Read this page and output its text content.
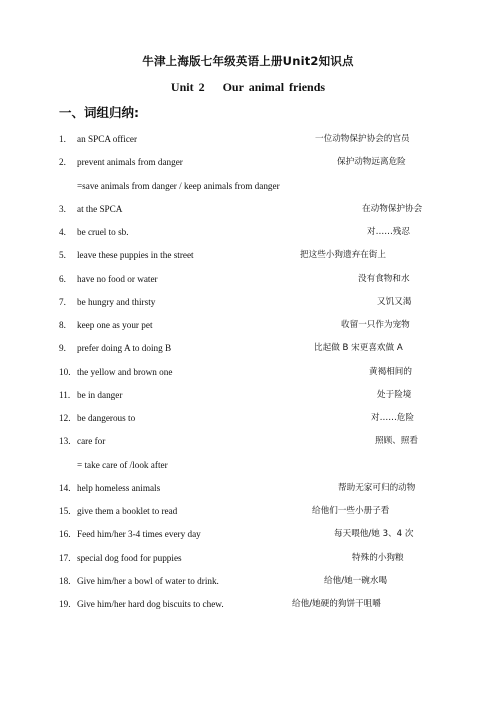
牛津上海版七年级英语上册Unit2知识点
Unit 2 Our animal friends
一、词组归纳:
1. an SPCA officer	一位动物保护协会的官员
2. prevent animals from danger	保护动物远离危险
=save animals from danger / keep animals from danger
3. at the SPCA	在动物保护协会
4. be cruel to sb.	对……残忍
5. leave these puppies in the street	把这些小狗遗弃在街上
6. have no food or water	没有食物和水
7. be hungry and thirsty	又饥又渴
8. keep one as your pet	收留一只作为宠物
9. prefer doing A to doing B	比起做 B 宋更喜欢做 A
10. the yellow and brown one	黄褐相间的
11. be in danger	处于险境
12. be dangerous to	对……危险
13. care for	照顾、照看
= take care of /look after
14. help homeless animals	帮助无家可归的动物
15. give them a booklet to read	给他们一些小册子看
16. Feed him/her 3-4 times every day	每天喂他/她 3、4 次
17. special dog food for puppies	特殊的小狗粮
18. Give him/her a bowl of water to drink.	给他/她一碗水喝
19. Give him/her hard dog biscuits to chew.	给他/她硬的狗饼干咀嚼
